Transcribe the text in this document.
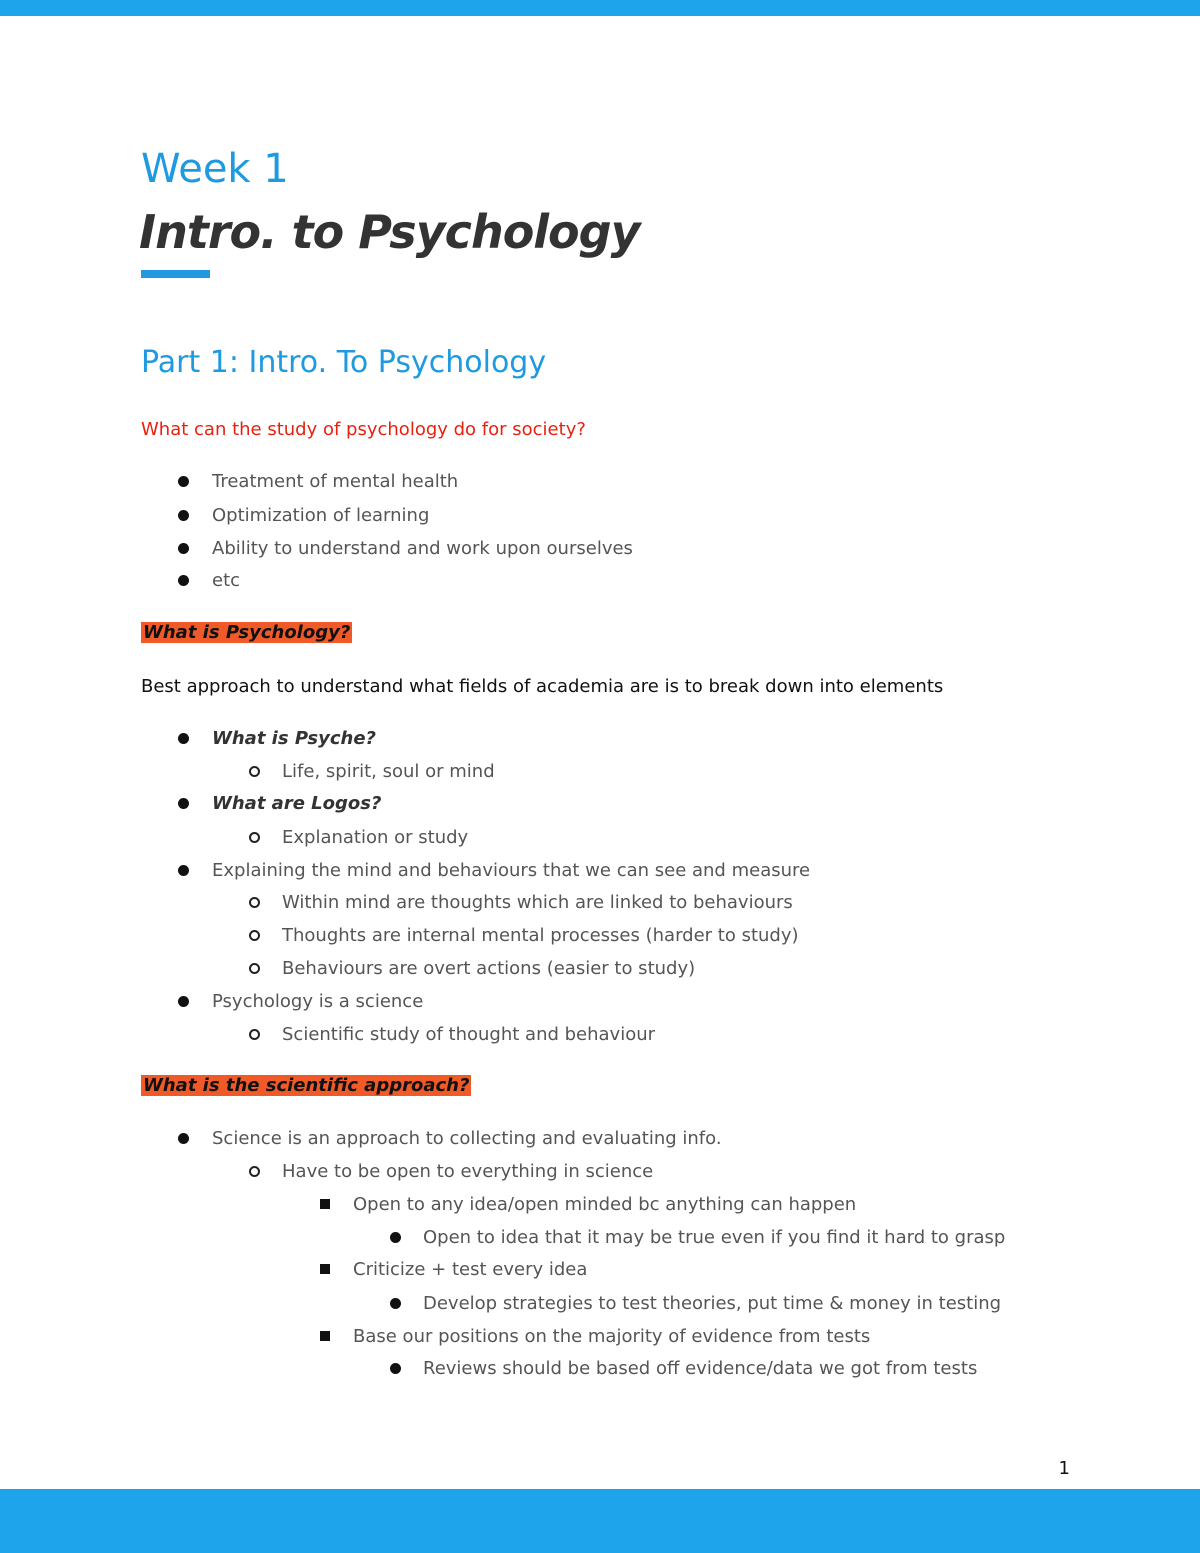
Week 1
Intro. to Psychology
Part 1: Intro. To Psychology
What can the study of psychology do for society?
Treatment of mental health
Optimization of learning
Ability to understand and work upon ourselves
etc
What is Psychology?
Best approach to understand what fields of academia are is to break down into elements
What is Psyche?
Life, spirit, soul or mind
What are Logos?
Explanation or study
Explaining the mind and behaviours that we can see and measure
Within mind are thoughts which are linked to behaviours
Thoughts are internal mental processes (harder to study)
Behaviours are overt actions (easier to study)
Psychology is a science
Scientific study of thought and behaviour
What is the scientific approach?
Science is an approach to collecting and evaluating info.
Have to be open to everything in science
Open to any idea/open minded bc anything can happen
Open to idea that it may be true even if you find it hard to grasp
Criticize + test every idea
Develop strategies to test theories, put time & money in testing
Base our positions on the majority of evidence from tests
Reviews should be based off evidence/data we got from tests
1
